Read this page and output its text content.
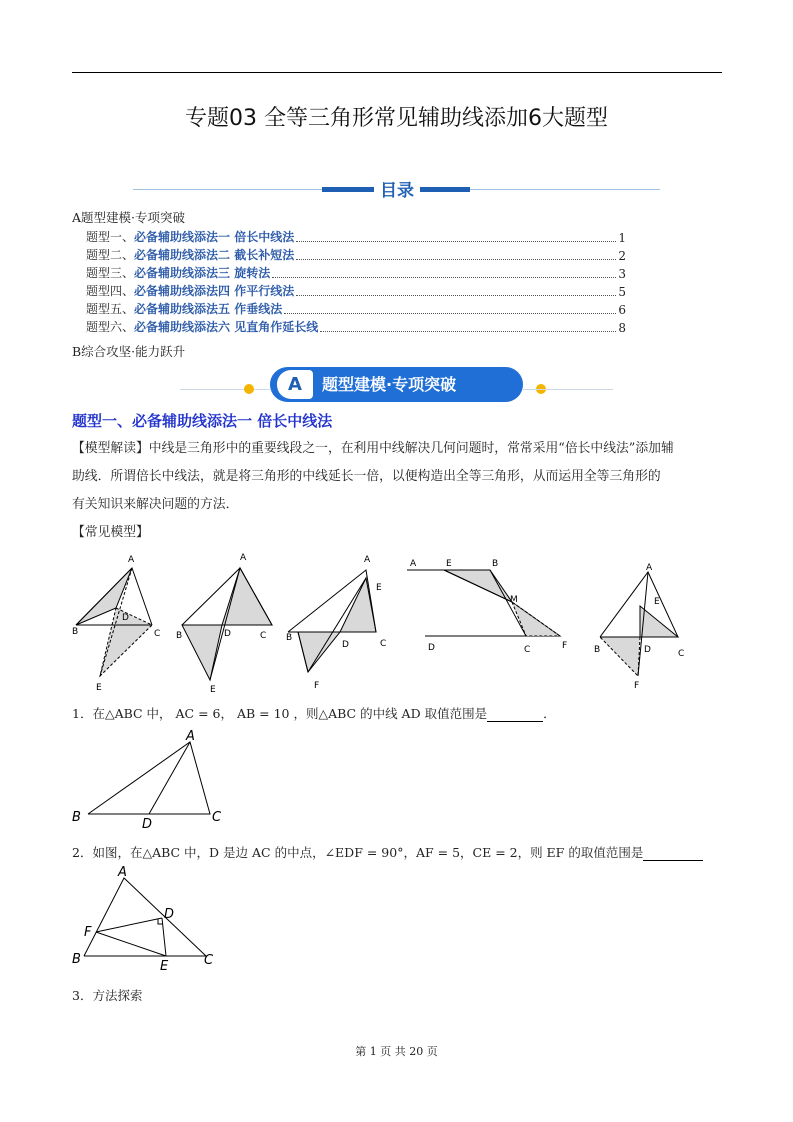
专题03 全等三角形常见辅助线添加6大题型
目录
A题型建模·专项突破
题型一、 必备辅助线添法一 倍长中线法	1
题型二、 必备辅助线添法二 截长补短法	2
题型三、 必备辅助线添法三 旋转法	3
题型四、 必备辅助线添法四 作平行线法	5
题型五、 必备辅助线添法五 作垂线法	6
题型六、 必备辅助线添法六 见直角作延长线	8
B综合攻坚·能力跃升
A	题型建模·专项突破
题型一、必备辅助线添法一 倍长中线法
【模型解读】中线是三角形中的重要线段之一，在利用中线解决几何问题时，常常采用“倍长中线法”添加辅
助线．所谓倍长中线法，就是将三角形的中线延长一倍，以便构造出全等三角形，从而运用全等三角形的
有关知识来解决问题的方法．
【常见模型】
A
B	C
D
E
A
B	C
D
E
A
B
C
D
E
F
A	E	B
M
D	C	F
A
E
B	D	C
F
1．在△ABC 中， AC = 6， AB = 10 ，则△ABC 的中线 AD 取值范围是	．
A
B	C
D
2．如图，在△ABC 中，D 是边 AC 的中点，∠EDF = 90°，AF = 5，CE = 2，则 EF 的取值范围是
A
B	C
D
E
F
3．方法探索
第 1 页 共 20 页
